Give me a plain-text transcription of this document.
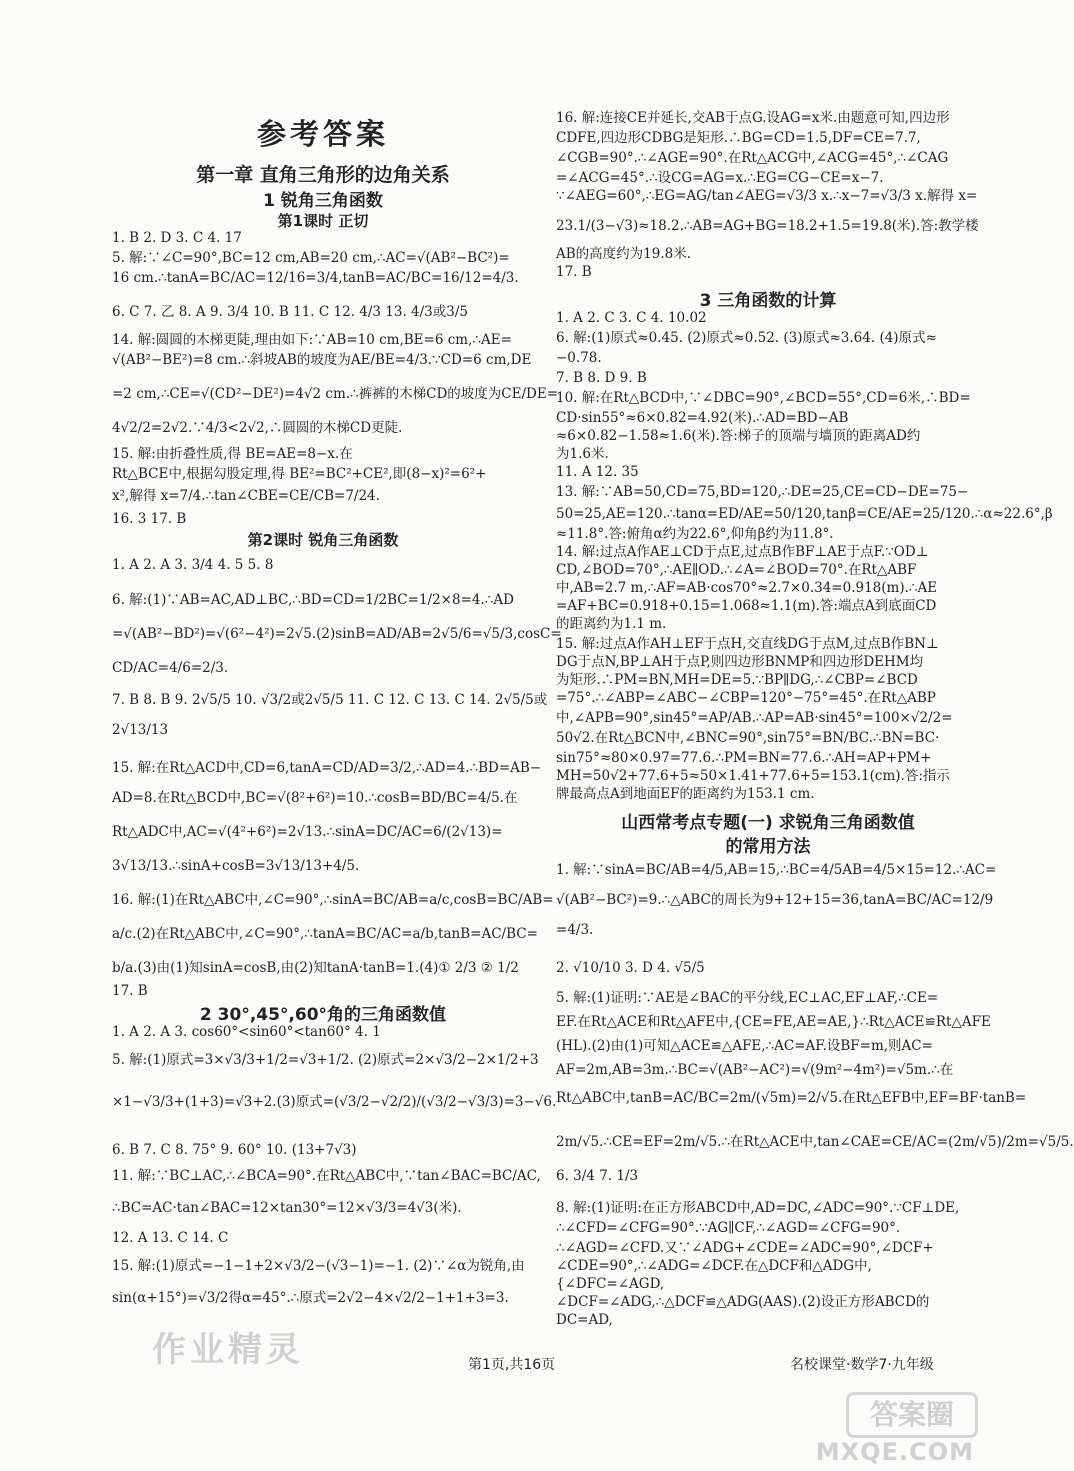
参考答案
第一章 直角三角形的边角关系
1 锐角三角函数
第1课时 正切
第2课时 锐角三角函数
2 30°,45°,60°角的三角函数值
1. B 2. D 3. C 4. 17
5. 解:∵∠C=90°,BC=12 cm,AB=20 cm,∴AC=√(AB²−BC²)=
16 cm.∴tanA=BC/AC=12/16=3/4,tanB=AC/BC=16/12=4/3.
6. C 7. 乙 8. A 9. 3/4 10. B 11. C 12. 4/3 13. 4/3或3/5
14. 解:圆圆的木梯更陡,理由如下:∵AB=10 cm,BE=6 cm,∴AE=
√(AB²−BE²)=8 cm.∴斜坡AB的坡度为AE/BE=4/3.∵CD=6 cm,DE
=2 cm,∴CE=√(CD²−DE²)=4√2 cm.∴裤裤的木梯CD的坡度为CE/DE=
4√2/2=2√2.∵4/3<2√2,∴圆圆的木梯CD更陡.
15. 解:由折叠性质,得 BE=AE=8−x.在
Rt△BCE中,根据勾股定理,得 BE²=BC²+CE²,即(8−x)²=6²+
x²,解得 x=7/4.∴tan∠CBE=CE/CB=7/24.
16. 3 17. B
1. A 2. A 3. 3/4 4. 5 5. 8
6. 解:(1)∵AB=AC,AD⊥BC,∴BD=CD=1/2BC=1/2×8=4.∴AD
=√(AB²−BD²)=√(6²−4²)=2√5.(2)sinB=AD/AB=2√5/6=√5/3,cosC=
CD/AC=4/6=2/3.
7. B 8. B 9. 2√5/5 10. √3/2或2√5/5 11. C 12. C 13. C 14. 2√5/5或
2√13/13
15. 解:在Rt△ACD中,CD=6,tanA=CD/AD=3/2,∴AD=4.∴BD=AB−
AD=8.在Rt△BCD中,BC=√(8²+6²)=10.∴cosB=BD/BC=4/5.在
Rt△ADC中,AC=√(4²+6²)=2√13.∴sinA=DC/AC=6/(2√13)=
3√13/13.∴sinA+cosB=3√13/13+4/5.
16. 解:(1)在Rt△ABC中,∠C=90°,∴sinA=BC/AB=a/c,cosB=BC/AB=
a/c.(2)在Rt△ABC中,∠C=90°,∴tanA=BC/AC=a/b,tanB=AC/BC=
b/a.(3)由(1)知sinA=cosB,由(2)知tanA·tanB=1.(4)① 2/3 ② 1/2
17. B
1. A 2. A 3. cos60°<sin60°<tan60° 4. 1
5. 解:(1)原式=3×√3/3+1/2=√3+1/2. (2)原式=2×√3/2−2×1/2+3
×1−√3/3+(1+3)=√3+2.(3)原式=(√3/2−√2/2)/(√3/2−√3/3)=3−√6.
6. B 7. C 8. 75° 9. 60° 10. (13+7√3)
11. 解:∵BC⊥AC,∴∠BCA=90°.在Rt△ABC中,∵tan∠BAC=BC/AC,
∴BC=AC·tan∠BAC=12×tan30°=12×√3/3=4√3(米).
12. A 13. C 14. C
15. 解:(1)原式=−1−1+2×√3/2−(√3−1)=−1. (2)∵∠α为锐角,由
sin(α+15°)=√3/2得α=45°.∴原式=2√2−4×√2/2−1+1+3=3.
16. 解:连接CE并延长,交AB于点G.设AG=x米.由题意可知,四边形
CDFE,四边形CDBG是矩形.∴BG=CD=1.5,DF=CE=7.7,
∠CGB=90°.∴∠AGE=90°.在Rt△ACG中,∠ACG=45°,∴∠CAG
=∠ACG=45°.∴设CG=AG=x.∴EG=CG−CE=x−7.
∵∠AEG=60°,∴EG=AG/tan∠AEG=√3/3 x.∴x−7=√3/3 x.解得 x=
23.1/(3−√3)≈18.2.∴AB=AG+BG=18.2+1.5=19.8(米).答:教学楼
AB的高度约为19.8米.
17. B
3 三角函数的计算
1. A 2. C 3. C 4. 10.02
6. 解:(1)原式≈0.45. (2)原式≈0.52. (3)原式≈3.64. (4)原式≈
−0.78.
7. B 8. D 9. B
10. 解:在Rt△BCD中,∵∠DBC=90°,∠BCD=55°,CD=6米,∴BD=
CD·sin55°≈6×0.82=4.92(米).∴AD=BD−AB
≈6×0.82−1.58≈1.6(米).答:梯子的顶端与墙顶的距离AD约
为1.6米.
11. A 12. 35
13. 解:∵AB=50,CD=75,BD=120,∴DE=25,CE=CD−DE=75−
50=25,AE=120.∴tanα=ED/AE=50/120,tanβ=CE/AE=25/120.∴α≈22.6°,β
≈11.8°.答:俯角α约为22.6°,仰角β约为11.8°.
14. 解:过点A作AE⊥CD于点E,过点B作BF⊥AE于点F.∵OD⊥
CD,∠BOD=70°,∴AE∥OD.∴∠A=∠BOD=70°.在Rt△ABF
中,AB=2.7 m,∴AF=AB·cos70°≈2.7×0.34=0.918(m).∴AE
=AF+BC=0.918+0.15=1.068≈1.1(m).答:端点A到底面CD
的距离约为1.1 m.
15. 解:过点A作AH⊥EF于点H,交直线DG于点M,过点B作BN⊥
DG于点N,BP⊥AH于点P,则四边形BNMP和四边形DEHM均
为矩形.∴PM=BN,MH=DE=5.∵BP∥DG,∴∠CBP=∠BCD
=75°.∴∠ABP=∠ABC−∠CBP=120°−75°=45°.在Rt△ABP
中,∠APB=90°,sin45°=AP/AB.∴AP=AB·sin45°=100×√2/2=
50√2.在Rt△BCN中,∠BNC=90°,sin75°=BN/BC.∴BN=BC·
sin75°≈80×0.97=77.6.∴PM=BN=77.6.∴AH=AP+PM+
MH=50√2+77.6+5≈50×1.41+77.6+5=153.1(cm).答:指示
牌最高点A到地面EF的距离约为153.1 cm.
山西常考点专题(一) 求锐角三角函数值
的常用方法
1. 解:∵sinA=BC/AB=4/5,AB=15,∴BC=4/5AB=4/5×15=12.∴AC=
√(AB²−BC²)=9.∴△ABC的周长为9+12+15=36,tanA=BC/AC=12/9
=4/3.
2. √10/10 3. D 4. √5/5
5. 解:(1)证明:∵AE是∠BAC的平分线,EC⊥AC,EF⊥AF,∴CE=
EF.在Rt△ACE和Rt△AFE中,{CE=FE,AE=AE,}∴Rt△ACE≌Rt△AFE
(HL).(2)由(1)可知△ACE≌△AFE,∴AC=AF.设BF=m,则AC=
AF=2m,AB=3m.∴BC=√(AB²−AC²)=√(9m²−4m²)=√5m.∴在
Rt△ABC中,tanB=AC/BC=2m/(√5m)=2/√5.在Rt△EFB中,EF=BF·tanB=
2m/√5.∴CE=EF=2m/√5.∴在Rt△ACE中,tan∠CAE=CE/AC=(2m/√5)/2m=√5/5.
6. 3/4 7. 1/3
8. 解:(1)证明:在正方形ABCD中,AD=DC,∠ADC=90°.∵CF⊥DE,
∴∠CFD=∠CFG=90°.∵AG∥CF,∴∠AGD=∠CFG=90°.
∴∠AGD=∠CFD.又∵∠ADG+∠CDE=∠ADC=90°,∠DCF+
∠CDE=90°,∴∠ADG=∠DCF.在△DCF和△ADG中,
{∠DFC=∠AGD,
∠DCF=∠ADG,∴△DCF≌△ADG(AAS).(2)设正方形ABCD的
DC=AD,
第1页,共16页	名校课堂·数学7·九年级
作业精灵
答案圈
MXQE.COM
